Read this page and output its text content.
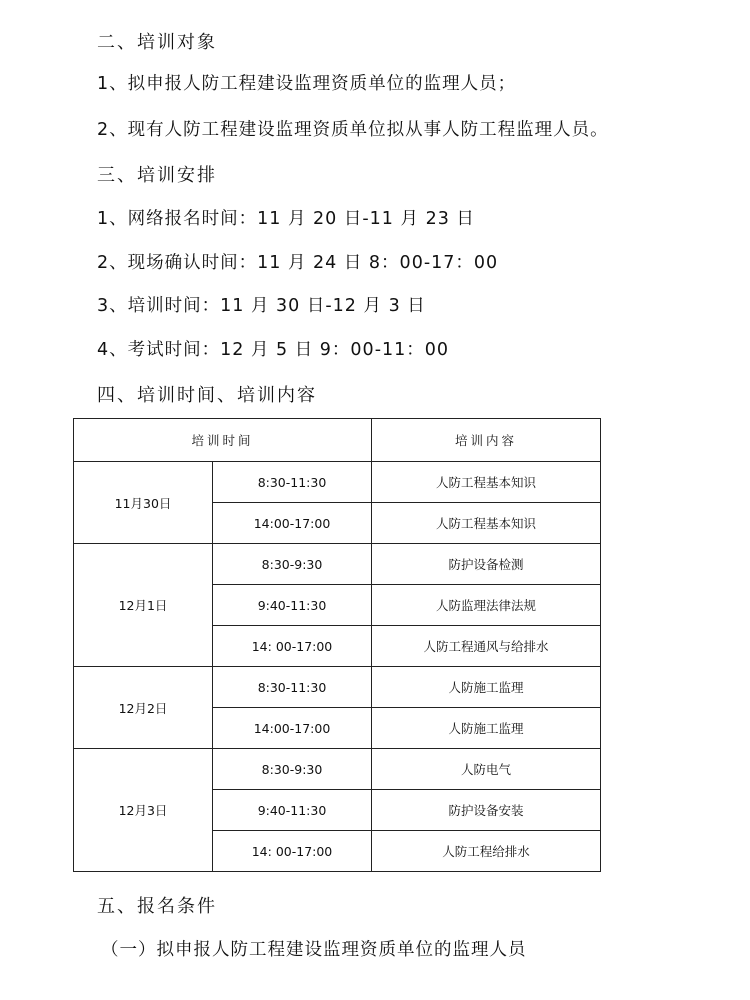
二、培训对象
1、拟申报人防工程建设监理资质单位的监理人员；
2、现有人防工程建设监理资质单位拟从事人防工程监理人员。
三、培训安排
1、网络报名时间：11 月 20 日-11 月 23 日
2、现场确认时间：11 月 24 日 8：00-17：00
3、培训时间：11 月 30 日-12 月 3 日
4、考试时间：12 月 5 日 9：00-11：00
四、培训时间、培训内容
培训时间		培训内容
11月30日	8:30-11:30	人防工程基本知识
	14:00-17:00	人防工程基本知识
12月1日	8:30-9:30	防护设备检测
	9:40-11:30	人防监理法律法规
	14: 00-17:00	人防工程通风与给排水
12月2日	8:30-11:30	人防施工监理
	14:00-17:00	人防施工监理
12月3日	8:30-9:30	人防电气
	9:40-11:30	防护设备安装
	14: 00-17:00	人防工程给排水
五、报名条件
（一）拟申报人防工程建设监理资质单位的监理人员
